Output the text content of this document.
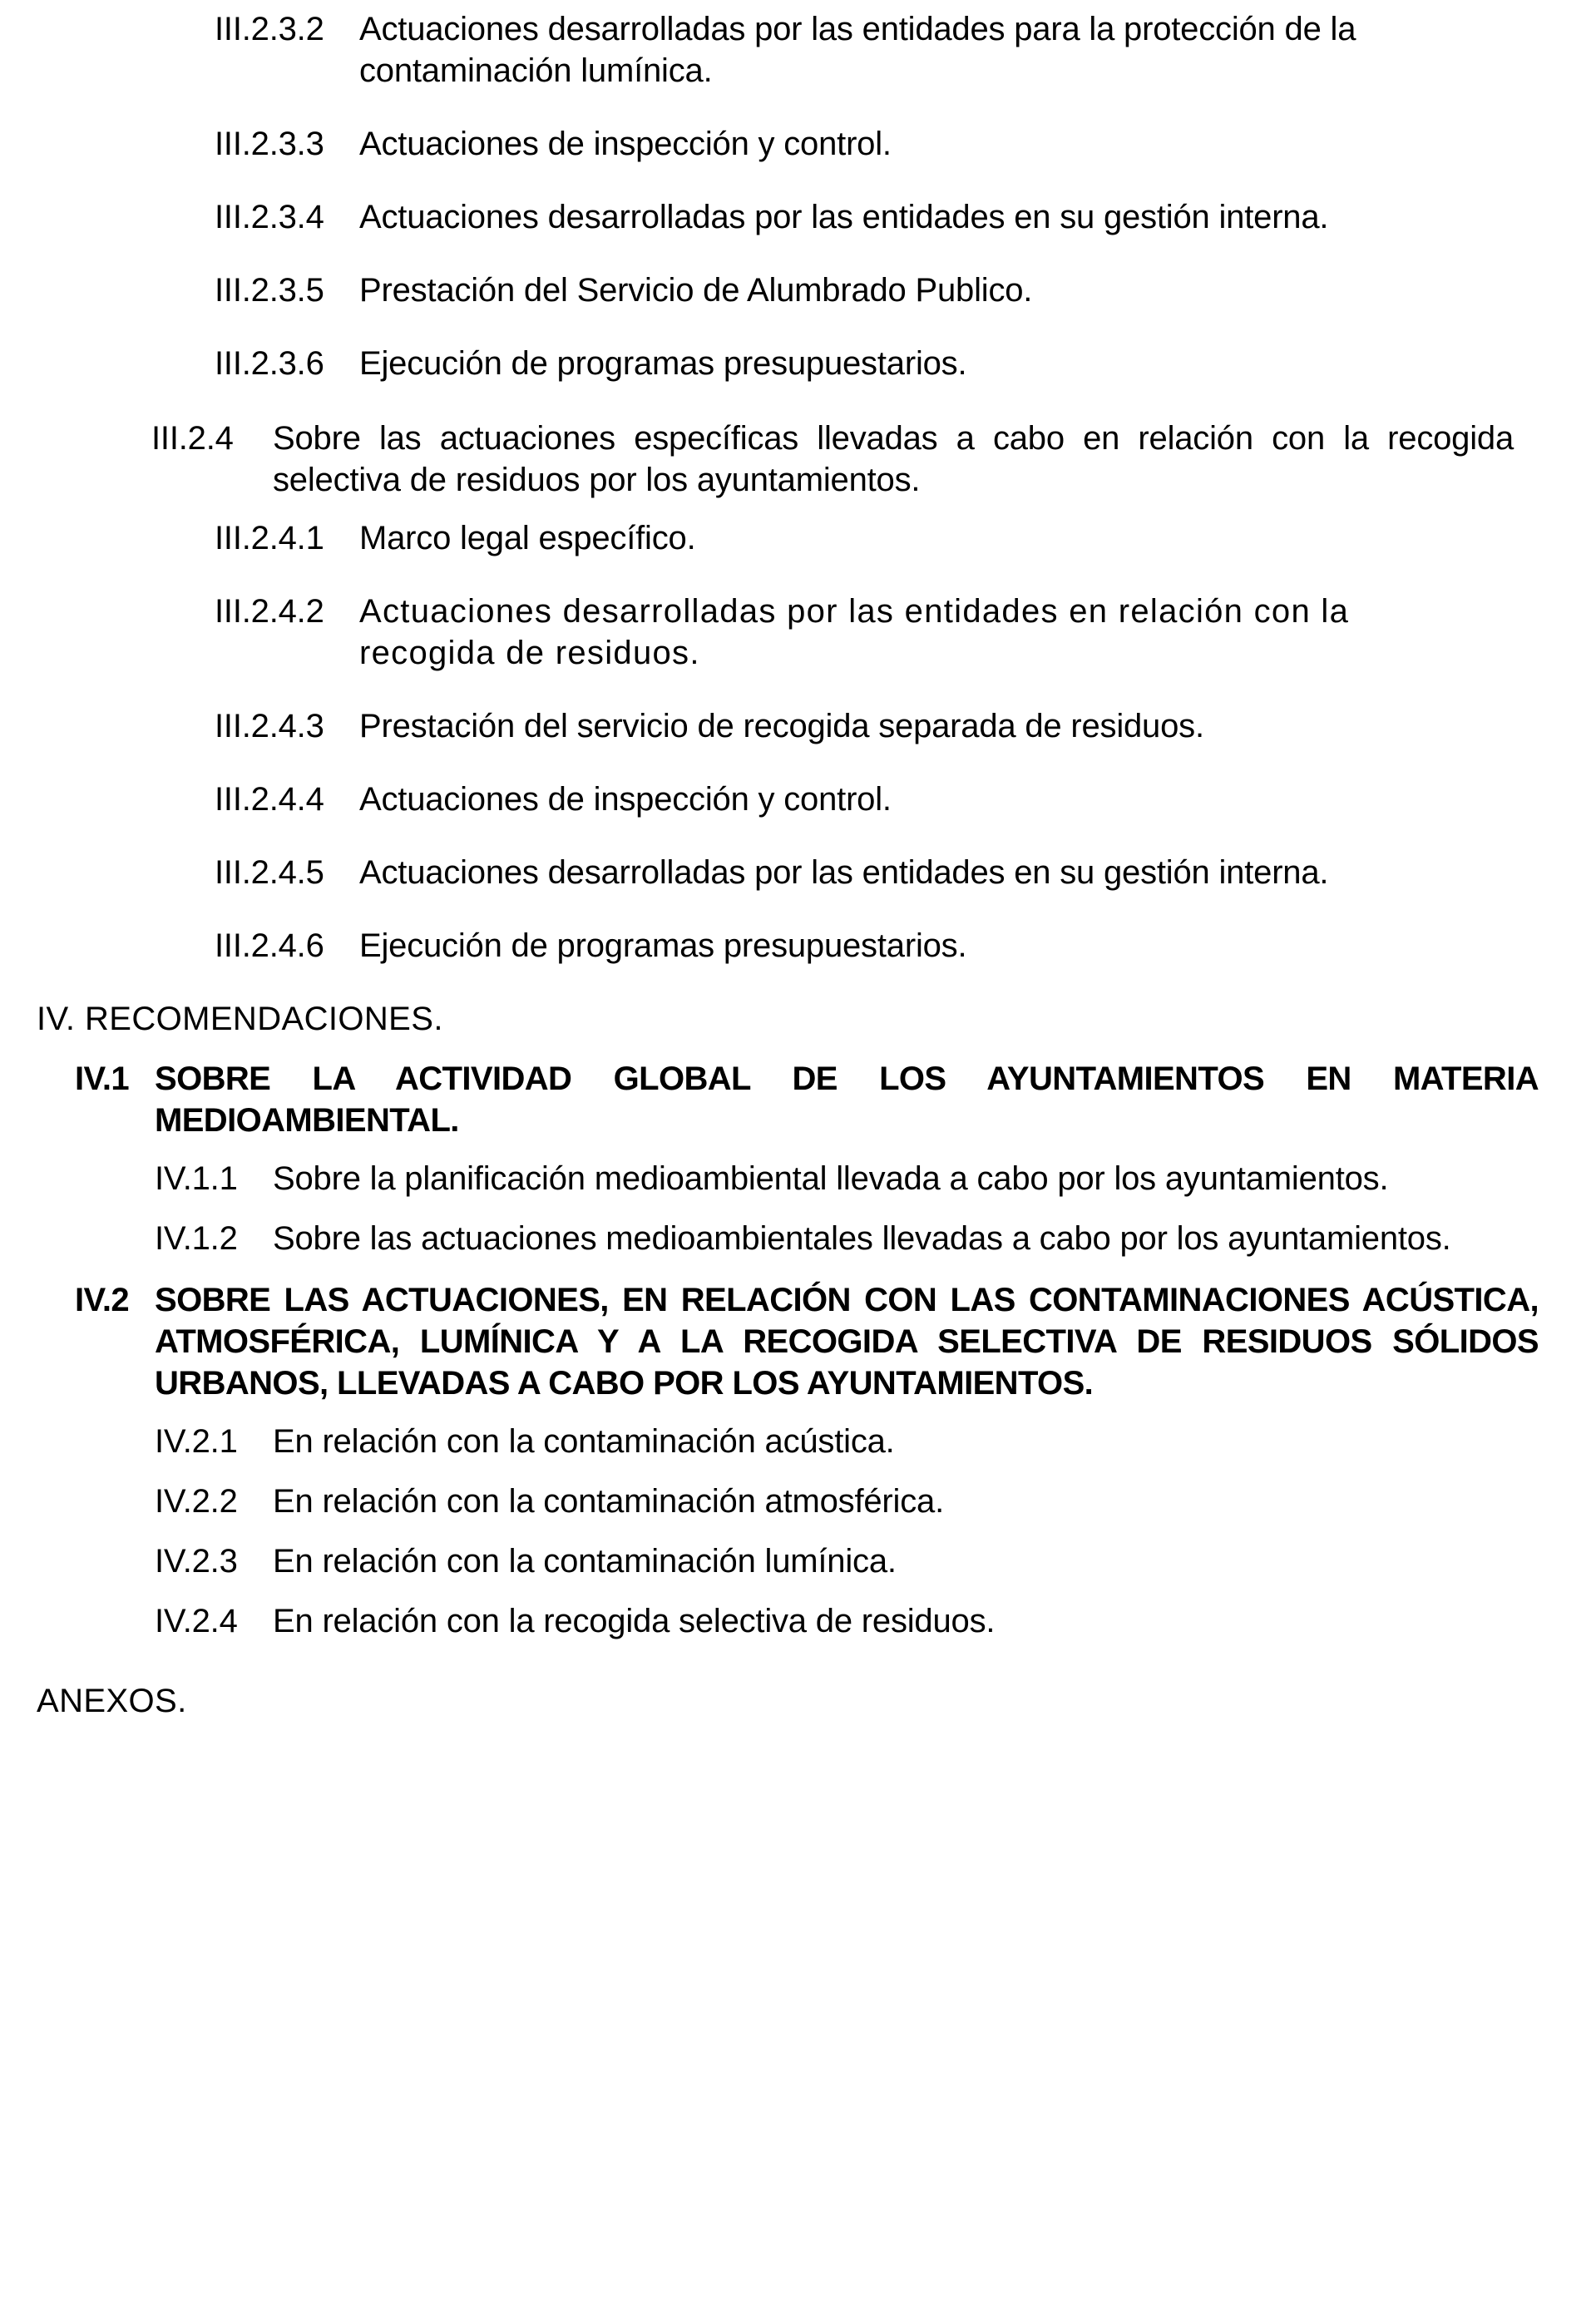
III.2.3.2 Actuaciones desarrolladas por las entidades para la protección de la contaminación lumínica.
III.2.3.3 Actuaciones de inspección y control.
III.2.3.4 Actuaciones desarrolladas por las entidades en su gestión interna.
III.2.3.5 Prestación del Servicio de Alumbrado Publico.
III.2.3.6 Ejecución de programas presupuestarios.
III.2.4 Sobre las actuaciones específicas llevadas a cabo en relación con la recogida selectiva de residuos por los ayuntamientos.
III.2.4.1 Marco legal específico.
III.2.4.2 Actuaciones desarrolladas por las entidades en relación con la recogida de residuos.
III.2.4.3 Prestación del servicio de recogida separada de residuos.
III.2.4.4 Actuaciones de inspección y control.
III.2.4.5 Actuaciones desarrolladas por las entidades en su gestión interna.
III.2.4.6 Ejecución de programas presupuestarios.
IV. RECOMENDACIONES.
IV.1 SOBRE LA ACTIVIDAD GLOBAL DE LOS AYUNTAMIENTOS EN MATERIA MEDIOAMBIENTAL.
IV.1.1 Sobre la planificación medioambiental llevada a cabo por los ayuntamientos.
IV.1.2 Sobre las actuaciones medioambientales llevadas a cabo por los ayuntamientos.
IV.2 SOBRE LAS ACTUACIONES, EN RELACIÓN CON LAS CONTAMINACIONES ACÚSTICA, ATMOSFÉRICA, LUMÍNICA Y A LA RECOGIDA SELECTIVA DE RESIDUOS SÓLIDOS URBANOS, LLEVADAS A CABO POR LOS AYUNTAMIENTOS.
IV.2.1 En relación con la contaminación acústica.
IV.2.2 En relación con la contaminación atmosférica.
IV.2.3 En relación con la contaminación lumínica.
IV.2.4 En relación con la recogida selectiva de residuos.
ANEXOS.
